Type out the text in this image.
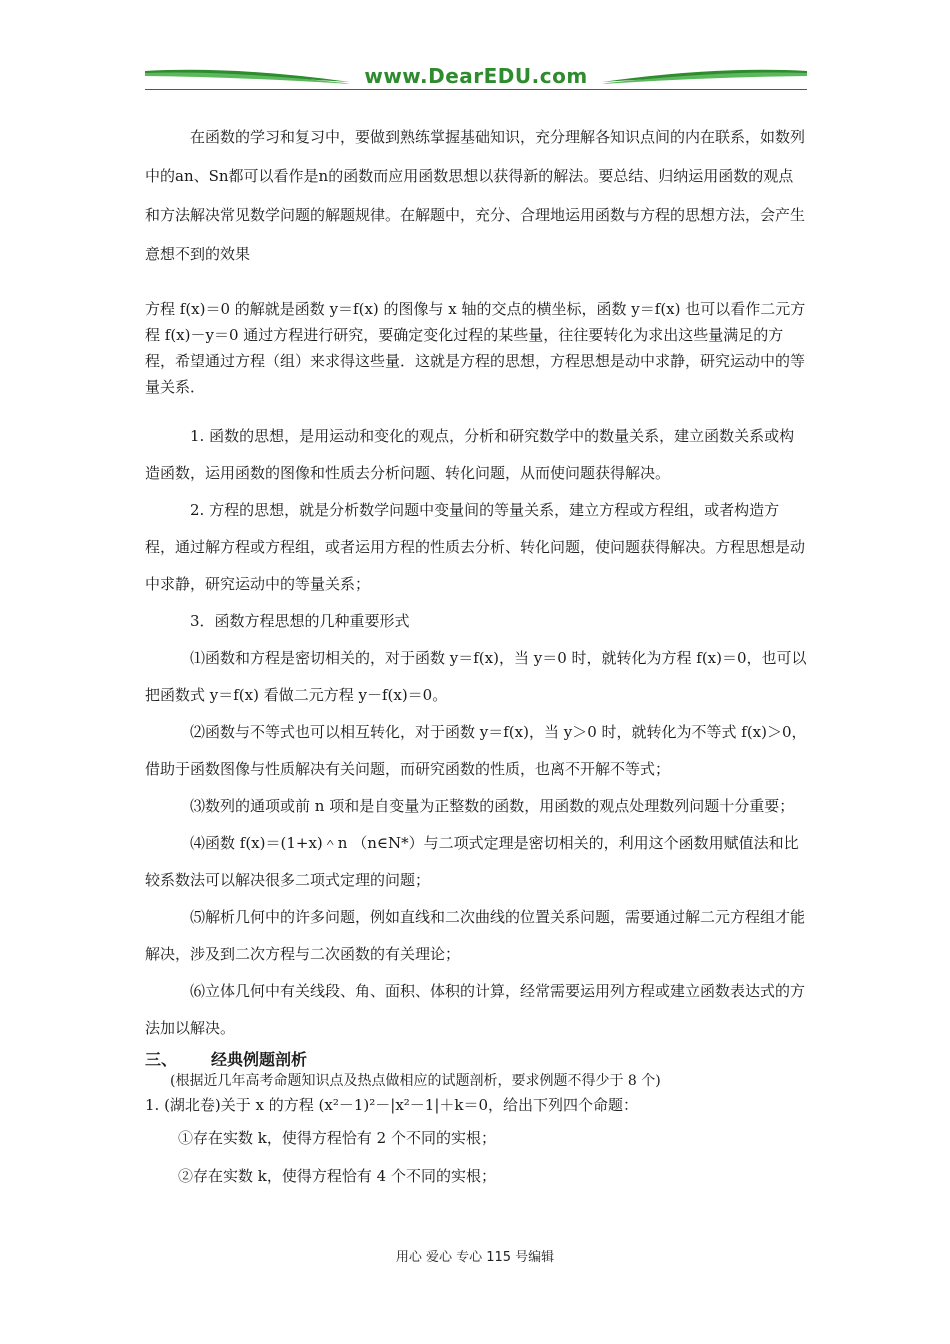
www.DearEDU.com

在函数的学习和复习中，要做到熟练掌握基础知识，充分理解各知识点间的内在联系，如数列中的an、Sn都可以看作是n的函数而应用函数思想以获得新的解法。要总结、归纳运用函数的观点和方法解决常见数学问题的解题规律。在解题中，充分、合理地运用函数与方程的思想方法，会产生意想不到的效果

方程 f(x)＝0 的解就是函数 y＝f(x) 的图像与 x 轴的交点的横坐标，函数 y＝f(x) 也可以看作二元方程 f(x)－y＝0 通过方程进行研究，要确定变化过程的某些量，往往要转化为求出这些量满足的方程，希望通过方程（组）来求得这些量．这就是方程的思想，方程思想是动中求静，研究运动中的等量关系．

1. 函数的思想，是用运动和变化的观点，分析和研究数学中的数量关系，建立函数关系或构造函数，运用函数的图像和性质去分析问题、转化问题，从而使问题获得解决。

2. 方程的思想，就是分析数学问题中变量间的等量关系，建立方程或方程组，或者构造方程，通过解方程或方程组，或者运用方程的性质去分析、转化问题，使问题获得解决。方程思想是动中求静，研究运动中的等量关系；

3．函数方程思想的几种重要形式

⑴函数和方程是密切相关的，对于函数 y＝f(x)，当 y＝0 时，就转化为方程 f(x)＝0，也可以把函数式 y＝f(x) 看做二元方程 y－f(x)＝0。

⑵函数与不等式也可以相互转化，对于函数 y＝f(x)，当 y＞0 时，就转化为不等式 f(x)＞0，借助于函数图像与性质解决有关问题，而研究函数的性质，也离不开解不等式；

⑶数列的通项或前 n 项和是自变量为正整数的函数，用函数的观点处理数列问题十分重要；

⑷函数 f(x)＝(1+x)＾n （n∈N*）与二项式定理是密切相关的，利用这个函数用赋值法和比较系数法可以解决很多二项式定理的问题；

⑸解析几何中的许多问题，例如直线和二次曲线的位置关系问题，需要通过解二元方程组才能解决，涉及到二次方程与二次函数的有关理论；

⑹立体几何中有关线段、角、面积、体积的计算，经常需要运用列方程或建立函数表达式的方法加以解决。

三、 经典例题剖析

(根据近几年高考命题知识点及热点做相应的试题剖析，要求例题不得少于 8 个)

1. (湖北卷)关于 x 的方程 (x²－1)²－|x²－1|＋k＝0，给出下列四个命题：

①存在实数 k，使得方程恰有 2 个不同的实根；

②存在实数 k，使得方程恰有 4 个不同的实根；

用心 爱心 专心 115 号编辑
